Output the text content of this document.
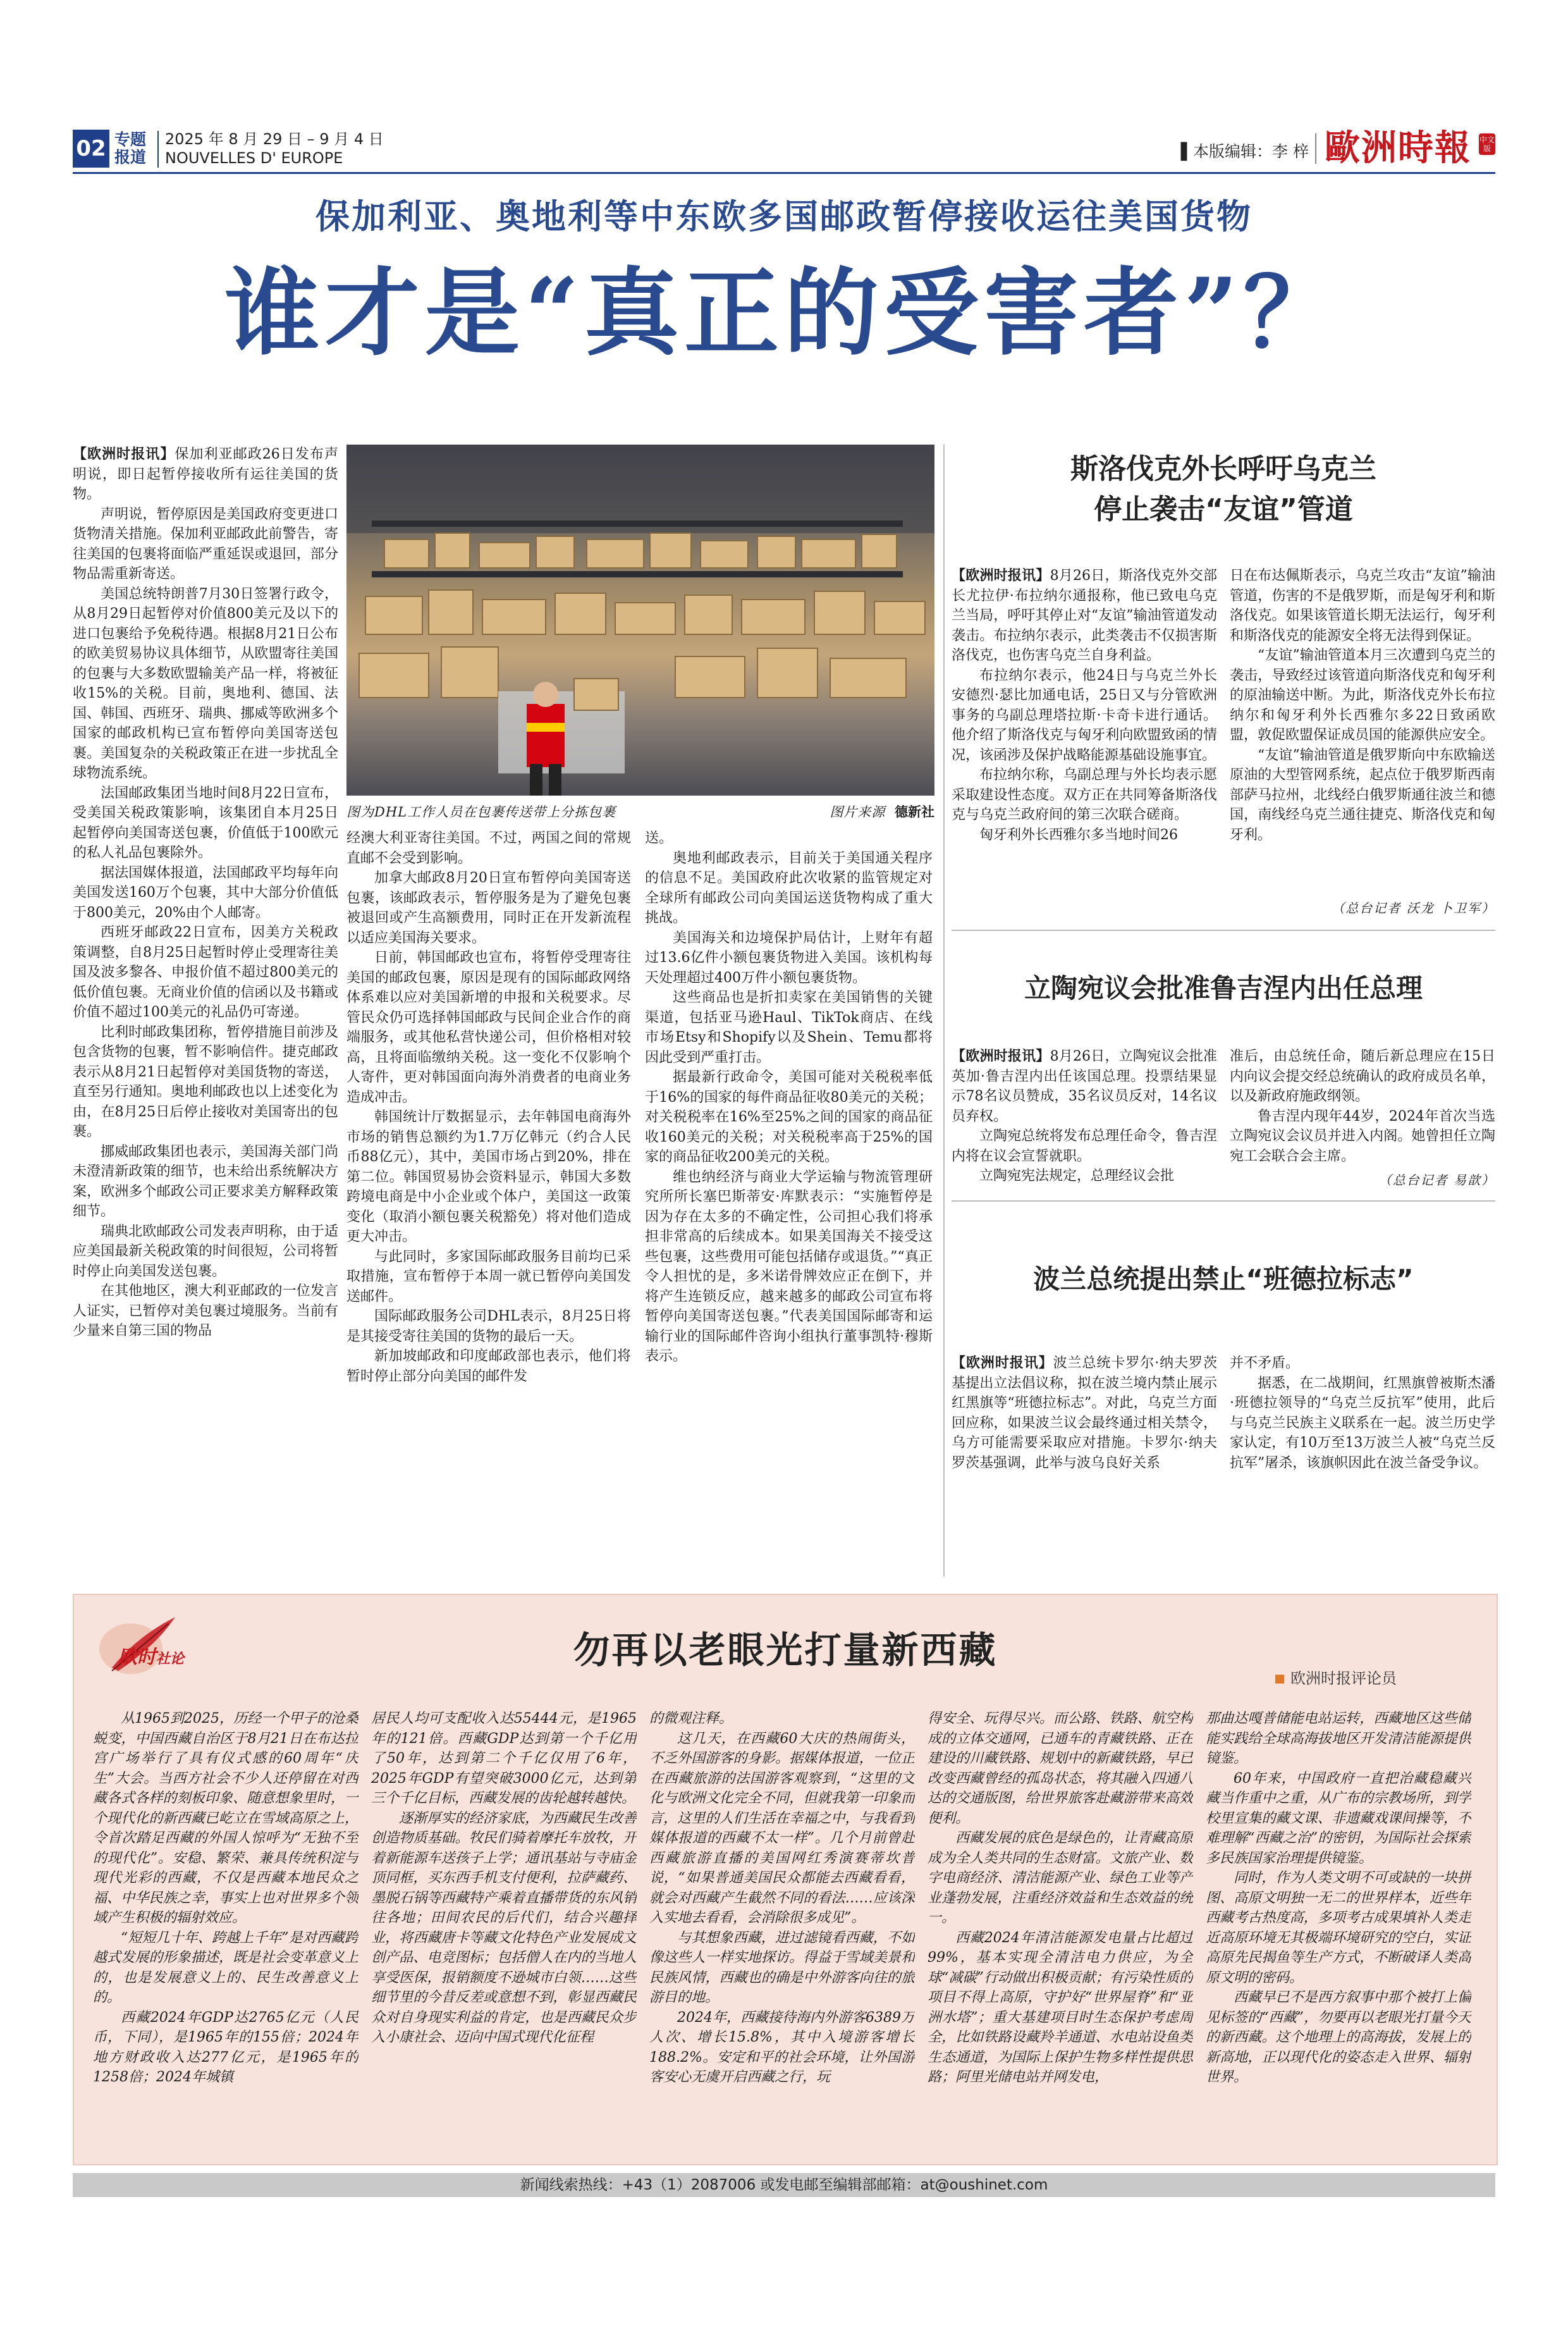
02 专题
报道
2025 年 8 月 29 日 – 9 月 4 日
NOUVELLES D' EUROPE	▌本版编辑：李 梓 歐洲時報 中文版
保加利亚、奥地利等中东欧多国邮政暂停接收运往美国货物
谁才是“真正的受害者”？

【欧洲时报讯】保加利亚邮政26日发布声明说，即日起暂停接收所有运往美国的货物。

声明说，暂停原因是美国政府变更进口货物清关措施。保加利亚邮政此前警告，寄往美国的包裹将面临严重延误或退回，部分物品需重新寄送。

美国总统特朗普7月30日签署行政令，从8月29日起暂停对价值800美元及以下的进口包裹给予免税待遇。根据8月21日公布的欧美贸易协议具体细节，从欧盟寄往美国的包裹与大多数欧盟输美产品一样，将被征收15%的关税。目前，奥地利、德国、法国、韩国、西班牙、瑞典、挪威等欧洲多个国家的邮政机构已宣布暂停向美国寄送包裹。美国复杂的关税政策正在进一步扰乱全球物流系统。

法国邮政集团当地时间8月22日宣布，受美国关税政策影响，该集团自本月25日起暂停向美国寄送包裹，价值低于100欧元的私人礼品包裹除外。

据法国媒体报道，法国邮政平均每年向美国发送160万个包裹，其中大部分价值低于800美元，20%由个人邮寄。

西班牙邮政22日宣布，因美方关税政策调整，自8月25日起暂时停止受理寄往美国及波多黎各、申报价值不超过800美元的低价值包裹。无商业价值的信函以及书籍或价值不超过100美元的礼品仍可寄递。

比利时邮政集团称，暂停措施目前涉及包含货物的包裹，暂不影响信件。捷克邮政表示从8月21日起暂停对美国货物的寄送，直至另行通知。奥地利邮政也以上述变化为由，在8月25日后停止接收对美国寄出的包裹。

挪威邮政集团也表示，美国海关部门尚未澄清新政策的细节，也未给出系统解决方案，欧洲多个邮政公司正要求美方解释政策细节。

瑞典北欧邮政公司发表声明称，由于适应美国最新关税政策的时间很短，公司将暂时停止向美国发送包裹。

在其他地区，澳大利亚邮政的一位发言人证实，已暂停对美包裹过境服务。当前有少量来自第三国的物品

图为DHL工作人员在包裹传送带上分拣包裹	图片来源 德新社

经澳大利亚寄往美国。不过，两国之间的常规直邮不会受到影响。

加拿大邮政8月20日宣布暂停向美国寄送包裹，该邮政表示，暂停服务是为了避免包裹被退回或产生高额费用，同时正在开发新流程以适应美国海关要求。

日前，韩国邮政也宣布，将暂停受理寄往美国的邮政包裹，原因是现有的国际邮政网络体系难以应对美国新增的申报和关税要求。尽管民众仍可选择韩国邮政与民间企业合作的商端服务，或其他私营快递公司，但价格相对较高，且将面临缴纳关税。这一变化不仅影响个人寄件，更对韩国面向海外消费者的电商业务造成冲击。

韩国统计厅数据显示，去年韩国电商海外市场的销售总额约为1.7万亿韩元（约合人民币88亿元），其中，美国市场占到20%，排在第二位。韩国贸易协会资料显示，韩国大多数跨境电商是中小企业或个体户，美国这一政策变化（取消小额包裹关税豁免）将对他们造成更大冲击。

与此同时，多家国际邮政服务目前均已采取措施，宣布暂停于本周一就已暂停向美国发送邮件。

国际邮政服务公司DHL表示，8月25日将是其接受寄往美国的货物的最后一天。

新加坡邮政和印度邮政部也表示，他们将暂时停止部分向美国的邮件发

送。

奥地利邮政表示，目前关于美国通关程序的信息不足。美国政府此次收紧的监管规定对全球所有邮政公司向美国运送货物构成了重大挑战。

美国海关和边境保护局估计，上财年有超过13.6亿件小额包裹货物进入美国。该机构每天处理超过400万件小额包裹货物。

这些商品也是折扣卖家在美国销售的关键渠道，包括亚马逊Haul、TikTok商店、在线市场Etsy和Shopify以及Shein、Temu都将因此受到严重打击。

据最新行政命令，美国可能对关税税率低于16%的国家的每件商品征收80美元的关税；对关税税率在16%至25%之间的国家的商品征收160美元的关税；对关税税率高于25%的国家的商品征收200美元的关税。

维也纳经济与商业大学运输与物流管理研究所所长塞巴斯蒂安·库默表示：“实施暂停是因为存在太多的不确定性，公司担心我们将承担非常高的后续成本。如果美国海关不接受这些包裹，这些费用可能包括储存或退货。”“真正令人担忧的是，多米诺骨牌效应正在倒下，并将产生连锁反应，越来越多的邮政公司宣布将暂停向美国寄送包裹。”代表美国国际邮寄和运输行业的国际邮件咨询小组执行董事凯特·穆斯表示。

斯洛伐克外长呼吁乌克兰
停止袭击“友谊”管道

【欧洲时报讯】8月26日，斯洛伐克外交部长尤拉伊·布拉纳尔通报称，他已致电乌克兰当局，呼吁其停止对“友谊”输油管道发动袭击。布拉纳尔表示，此类袭击不仅损害斯洛伐克，也伤害乌克兰自身利益。

布拉纳尔表示，他24日与乌克兰外长安德烈·瑟比加通电话，25日又与分管欧洲事务的乌副总理塔拉斯·卡奇卡进行通话。他介绍了斯洛伐克与匈牙利向欧盟致函的情况，该函涉及保护战略能源基础设施事宜。

布拉纳尔称，乌副总理与外长均表示愿采取建设性态度。双方正在共同筹备斯洛伐克与乌克兰政府间的第三次联合磋商。

匈牙利外长西雅尔多当地时间26

日在布达佩斯表示，乌克兰攻击“友谊”输油管道，伤害的不是俄罗斯，而是匈牙利和斯洛伐克。如果该管道长期无法运行，匈牙利和斯洛伐克的能源安全将无法得到保证。

“友谊”输油管道本月三次遭到乌克兰的袭击，导致经过该管道向斯洛伐克和匈牙利的原油输送中断。为此，斯洛伐克外长布拉纳尔和匈牙利外长西雅尔多22日致函欧盟，敦促欧盟保证成员国的能源供应安全。

“友谊”输油管道是俄罗斯向中东欧输送原油的大型管网系统，起点位于俄罗斯西南部萨马拉州，北线经白俄罗斯通往波兰和德国，南线经乌克兰通往捷克、斯洛伐克和匈牙利。

（总台记者 沃龙 卜卫军）
立陶宛议会批准鲁吉涅内出任总理

【欧洲时报讯】8月26日，立陶宛议会批准英加·鲁吉涅内出任该国总理。投票结果显示78名议员赞成，35名议员反对，14名议员弃权。

立陶宛总统将发布总理任命令，鲁吉涅内将在议会宣誓就职。

立陶宛宪法规定，总理经议会批

准后，由总统任命，随后新总理应在15日内向议会提交经总统确认的政府成员名单，以及新政府施政纲领。

鲁吉涅内现年44岁，2024年首次当选立陶宛议会议员并进入内阁。她曾担任立陶宛工会联合会主席。

（总台记者 易歆）
波兰总统提出禁止“班德拉标志”

【欧洲时报讯】波兰总统卡罗尔·纳夫罗茨基提出立法倡议称，拟在波兰境内禁止展示红黑旗等“班德拉标志”。对此，乌克兰方面回应称，如果波兰议会最终通过相关禁令，乌方可能需要采取应对措施。卡罗尔·纳夫罗茨基强调，此举与波乌良好关系

并不矛盾。

据悉，在二战期间，红黑旗曾被斯杰潘·班德拉领导的“乌克兰反抗军”使用，此后与乌克兰民族主义联系在一起。波兰历史学家认定，有10万至13万波兰人被“乌克兰反抗军”屠杀，该旗帜因此在波兰备受争议。

欧时社论	勿再以老眼光打量新西藏
欧洲时报评论员

从1965到2025，历经一个甲子的沧桑蜕变，中国西藏自治区于8月21日在布达拉宫广场举行了具有仪式感的60周年“庆生”大会。当西方社会不少人还停留在对西藏各式各样的刻板印象、随意想象里时，一个现代化的新西藏已屹立在雪域高原之上，令首次踏足西藏的外国人惊呼为“无独不至的现代化”。安稳、繁荣、兼具传统积淀与现代光彩的西藏，不仅是西藏本地民众之福、中华民族之幸，事实上也对世界多个领域产生积极的辐射效应。

“短短几十年、跨越上千年”是对西藏跨越式发展的形象描述，既是社会变革意义上的，也是发展意义上的、民生改善意义上的。

西藏2024年GDP达2765亿元（人民币，下同），是1965年的155倍；2024年地方财政收入达277亿元，是1965年的1258倍；2024年城镇

居民人均可支配收入达55444元，是1965年的121倍。西藏GDP达到第一个千亿用了50年，达到第二个千亿仅用了6年，2025年GDP有望突破3000亿元，达到第三个千亿目标，西藏发展的齿轮越转越快。

逐渐厚实的经济家底，为西藏民生改善创造物质基础。牧民们骑着摩托车放牧，开着新能源车送孩子上学；通讯基站与寺庙金顶同框，买东西手机支付便利，拉萨藏药、墨脱石锅等西藏特产乘着直播带货的东风销往各地；田间农民的后代们，结合兴趣择业，将西藏唐卡等藏文化特色产业发展成文创产品、电竞图标；包括僧人在内的当地人享受医保，报销额度不逊城市白领……这些细节里的今昔反差或意想不到，彰显西藏民众对自身现实利益的肯定，也是西藏民众步入小康社会、迈向中国式现代化征程

的微观注释。

这几天，在西藏60大庆的热闹街头，不乏外国游客的身影。据媒体报道，一位正在西藏旅游的法国游客观察到，“这里的文化与欧洲文化完全不同，但就我第一印象而言，这里的人们生活在幸福之中，与我看到媒体报道的西藏不太一样”。几个月前曾赴西藏旅游直播的美国网红秀演赛蒂坎普说，“如果普通美国民众都能去西藏看看，就会对西藏产生截然不同的看法……应该深入实地去看看，会消除很多成见”。

与其想象西藏，进过滤镜看西藏，不如像这些人一样实地探访。得益于雪域美景和民族风情，西藏也的确是中外游客向往的旅游目的地。

2024年，西藏接待海内外游客6389万人次、增长15.8%，其中入境游客增长188.2%。安定和平的社会环境，让外国游客安心无虞开启西藏之行，玩

得安全、玩得尽兴。而公路、铁路、航空构成的立体交通网，已通车的青藏铁路、正在建设的川藏铁路、规划中的新藏铁路，早已改变西藏曾经的孤岛状态，将其融入四通八达的交通版图，给世界旅客赴藏游带来高效便利。

西藏发展的底色是绿色的，让青藏高原成为全人类共同的生态财富。文旅产业、数字电商经济、清洁能源产业、绿色工业等产业蓬勃发展，注重经济效益和生态效益的统一。

西藏2024年清洁能源发电量占比超过99%，基本实现全清洁电力供应，为全球“减碳”行动做出积极贡献；有污染性质的项目不得上高原，守护好“世界屋脊”和“亚洲水塔”；重大基建项目时生态保护考虑周全，比如铁路设藏羚羊通道、水电站设鱼类生态通道，为国际上保护生物多样性提供思路；阿里光储电站并网发电，

那曲达嘎普储能电站运转，西藏地区这些储能实践给全球高海拔地区开发清洁能源提供镜鉴。

60年来，中国政府一直把治藏稳藏兴藏当作重中之重，从广布的宗教场所，到学校里宣集的藏文课、非遗藏戏课间操等，不难理解“西藏之治”的密钥，为国际社会探索多民族国家治理提供镜鉴。

同时，作为人类文明不可或缺的一块拼图、高原文明独一无二的世界样本，近些年西藏考古热度高，多项考古成果填补人类走近高原环境无其极端环境研究的空白，实证高原先民揭鱼等生产方式，不断破译人类高原文明的密码。

西藏早已不是西方叙事中那个被打上偏见标签的“西藏”，勿要再以老眼光打量今天的新西藏。这个地理上的高海拔，发展上的新高地，正以现代化的姿态走入世界、辐射世界。

新闻线索热线：+43（1）2087006 或发电邮至编辑部邮箱：at@oushinet.com
